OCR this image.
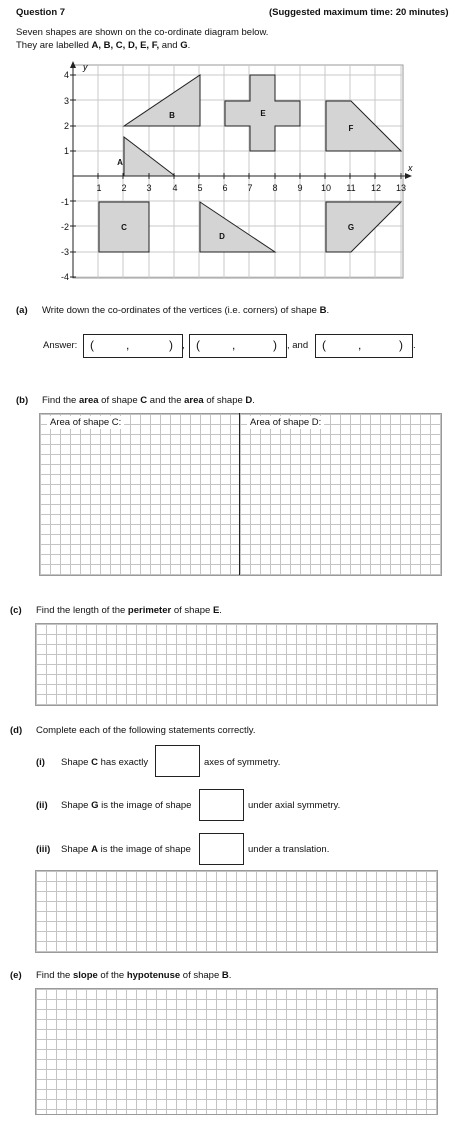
Question 7	(Suggested maximum time: 20 minutes)
Seven shapes are shown on the co-ordinate diagram below.
They are labelled A, B, C, D, E, F, and G.
y
x
1 2 3 4 5 6 7 8 9 10 11 12 13
4
3
2
1
-1
-2
-3
-4
A
B
C
D
E
F
G
(a) Write down the co-ordinates of the vertices (i.e. corners) of shape B.
Answer: (	,	) , (	,	) , and (	,	) .
(b) Find the area of shape C and the area of shape D.
Area of shape C:	Area of shape D:
(c) Find the length of the perimeter of shape E.
(d) Complete each of the following statements correctly.
(i) Shape C has exactly	axes of symmetry.
(ii) Shape G is the image of shape	under axial symmetry.
(iii) Shape A is the image of shape	under a translation.
(e) Find the slope of the hypotenuse of shape B.
